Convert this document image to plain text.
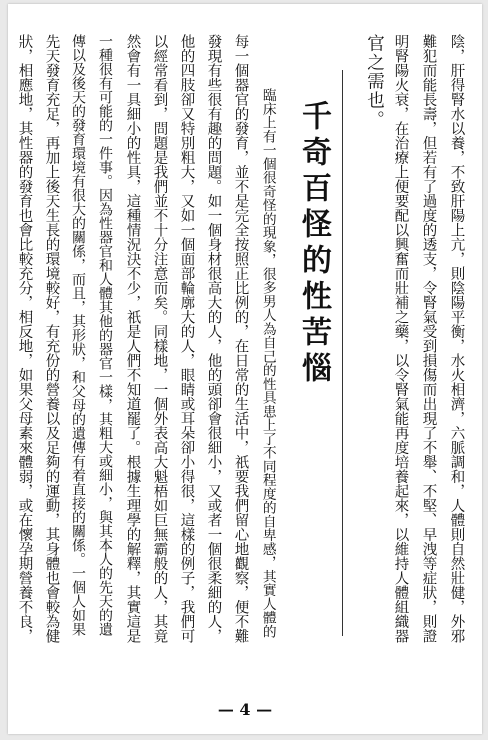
陰，肝得腎水以養，不致肝陽上亢，則陰陽平衡，水火相濟，六脈調和，人體則自然壯健，外邪
難犯而能長壽，但若有了過度的透支，令腎氣受到損傷而出現了不舉、不堅、早洩等症狀，則證
明腎陽火衰，在治療上便要配以興奮而壯補之藥，以令腎氣能再度培養起來，以維持人體組織器
官之需也。
千奇百怪的性苦惱
臨床上有一個很奇怪的現象，很多男人為自己的性具患上了不同程度的自卑感，其實人體的
每一個器官的發育，並不是完全按照正比例的，在日常的生活中，祇要我們留心地觀察，便不難
發現有些很有趣的問題。如一個身材很高大的人，他的頭卻會很細小，又或者一個很柔細的人，
他的四肢卻又特別粗大，又如一個面部輪廓大的人，眼睛或耳朵卻小得很，這樣的例子，我們可
以經常看到，問題是我們並不十分注意而矣。同樣地，一個外表高大魁梧如巨無霸般的人，其竟
然會有一具細小的性具，這種情況決不少，祇是人們不知道罷了。根據生理學的解釋，其實這是
一種很有可能的一件事。因為性器官和人體其他的器官一樣，其粗大或細小，與其本人的先天的遺
傳以及後天的發育環境有很大的關係，而且，其形狀，和父母的遺傳有着直接的關係。一個人如果
先天發育充足，再加上後天生長的環境較好，有充份的營養以及足夠的運動，其身體也會較為健
狀，相應地，其性器的發育也會比較充分，相反地，如果父母素來體弱，或在懷孕期營養不良，
— 4 —
